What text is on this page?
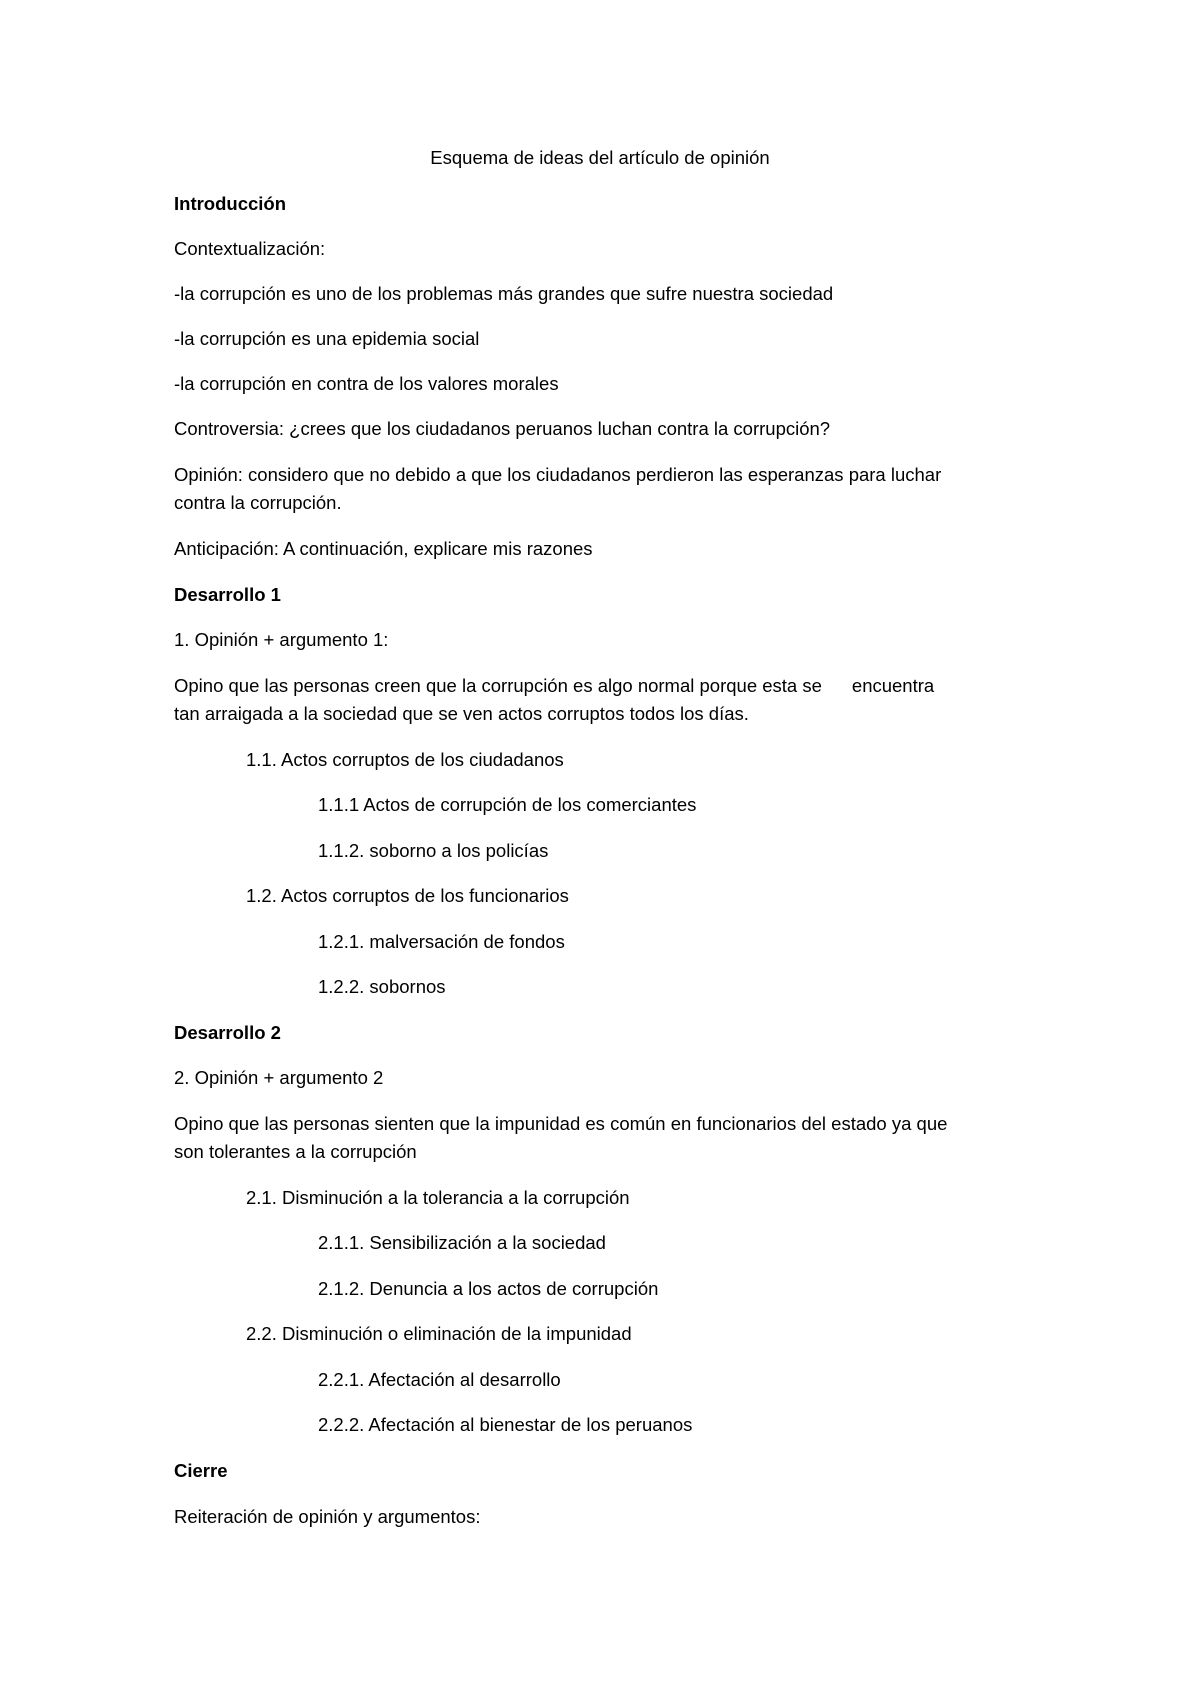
Esquema de ideas del artículo de opinión

Introducción

Contextualización:

-la corrupción es uno de los problemas más grandes que sufre nuestra sociedad

-la corrupción es una epidemia social

-la corrupción en contra de los valores morales

Controversia: ¿crees que los ciudadanos peruanos luchan contra la corrupción?

Opinión: considero que no debido a que los ciudadanos perdieron las esperanzas para luchar

contra la corrupción.

Anticipación: A continuación, explicare mis razones

Desarrollo 1

1. Opinión + argumento 1:

Opino que las personas creen que la corrupción es algo normal porque esta se encuentra

tan arraigada a la sociedad que se ven actos corruptos todos los días.

1.1. Actos corruptos de los ciudadanos

1.1.1 Actos de corrupción de los comerciantes

1.1.2. soborno a los policías

1.2. Actos corruptos de los funcionarios

1.2.1. malversación de fondos

1.2.2. sobornos

Desarrollo 2

2. Opinión + argumento 2

Opino que las personas sienten que la impunidad es común en funcionarios del estado ya que

son tolerantes a la corrupción

2.1. Disminución a la tolerancia a la corrupción

2.1.1. Sensibilización a la sociedad

2.1.2. Denuncia a los actos de corrupción

2.2. Disminución o eliminación de la impunidad

2.2.1. Afectación al desarrollo

2.2.2. Afectación al bienestar de los peruanos

Cierre

Reiteración de opinión y argumentos:
